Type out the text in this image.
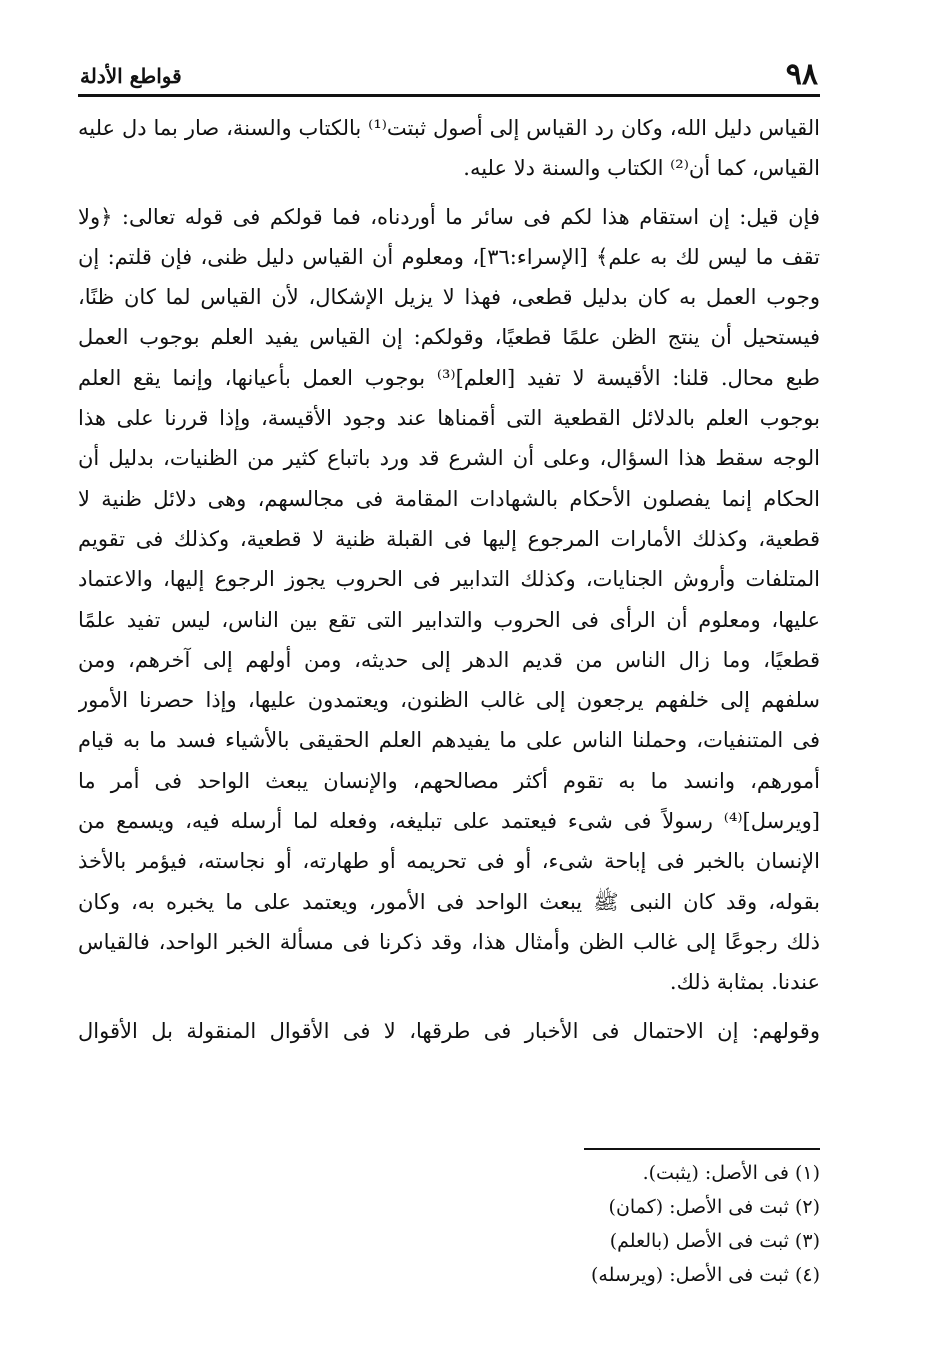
٩٨
قواطع الأدلة
القياس دليل الله، وكان رد القياس إلى أصول ثبتت⁽¹⁾ بالكتاب والسنة، صار بما دل عليه
القياس، كما أن⁽²⁾ الكتاب والسنة دلا عليه.
فإن قيل: إن استقام هذا لكم فى سائر ما أوردناه، فما قولكم فى قوله تعالى: ﴿ولا
تقف ما ليس لك به علم﴾ [الإسراء:٣٦]، ومعلوم أن القياس دليل ظنى، فإن قلتم: إن
وجوب العمل به كان بدليل قطعى، فهذا لا يزيل الإشكال، لأن القياس لما كان ظنًا،
فيستحيل أن ينتج الظن علمًا قطعيًا، وقولكم: إن القياس يفيد العلم بوجوب العمل
طبع محال. قلنا: الأقيسة لا تفيد [العلم]⁽³⁾ بوجوب العمل بأعيانها، وإنما يقع العلم
بوجوب العلم بالدلائل القطعية التى أقمناها عند وجود الأقيسة، وإذا قررنا على هذا
الوجه سقط هذا السؤال، وعلى أن الشرع قد ورد باتباع كثير من الظنيات، بدليل أن
الحكام إنما يفصلون الأحكام بالشهادات المقامة فى مجالسهم، وهى دلائل ظنية لا
قطعية، وكذلك الأمارات المرجوع إليها فى القبلة ظنية لا قطعية، وكذلك فى تقويم
المتلفات وأروش الجنايات، وكذلك التدابير فى الحروب يجوز الرجوع إليها، والاعتماد
عليها، ومعلوم أن الرأى فى الحروب والتدابير التى تقع بين الناس، ليس تفيد علمًا
قطعيًا، وما زال الناس من قديم الدهر إلى حديثه، ومن أولهم إلى آخرهم، ومن
سلفهم إلى خلفهم يرجعون إلى غالب الظنون، ويعتمدون عليها، وإذا حصرنا الأمور
فى المتنفيات، وحملنا الناس على ما يفيدهم العلم الحقيقى بالأشياء فسد ما به قيام
أمورهم، وانسد ما به تقوم أكثر مصالحهم، والإنسان يبعث الواحد فى أمر ما
[ويرسل]⁽⁴⁾ رسولاً فى شىء فيعتمد على تبليغه، وفعله لما أرسله فيه، ويسمع من
الإنسان بالخبر فى إباحة شىء، أو فى تحريمه أو طهارته، أو نجاسته، فيؤمر بالأخذ
بقوله، وقد كان النبى ﷺ يبعث الواحد فى الأمور، ويعتمد على ما يخبره به، وكان
ذلك رجوعًا إلى غالب الظن وأمثال هذا، وقد ذكرنا فى مسألة الخبر الواحد، فالقياس
عندنا. بمثابة ذلك.
وقولهم: إن الاحتمال فى الأخبار فى طرقها، لا فى الأقوال المنقولة بل الأقوال
(١) فى الأصل: (يثبت).
(٢) ثبت فى الأصل: (كمان)
(٣) ثبت فى الأصل (بالعلم)
(٤) ثبت فى الأصل: (ويرسله)
